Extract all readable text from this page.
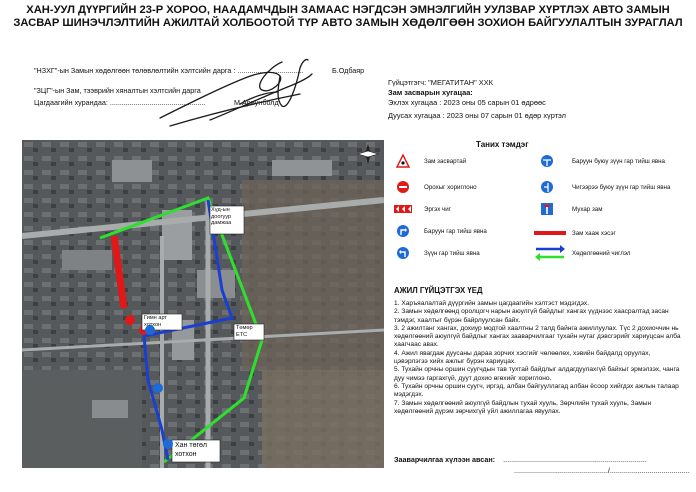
ХАН-УУЛ ДҮҮРГИЙН 23-Р ХОРОО, НААДАМЧДЫН ЗАМААС НЭГДСЭН ЭМНЭЛГИЙН УУЛЗВАР ХҮРТЛЭХ АВТО ЗАМЫН
ЗАСВАР ШИНЭЧЛЭЛТИЙН АЖИЛТАЙ ХОЛБООТОЙ ТҮР АВТО ЗАМЫН ХӨДӨЛГӨӨН ЗОХИОН БАЙГУУЛАЛТЫН ЗУРАГЛАЛ
"НЗХГ"-ын Замын хөдөлгөөн төлөвлөлтийн хэлтсийн дарга : .................................	Б.Одбаяр
"ЗЦГ"-ын Зам, тээврийн хяналтын хэлтсийн дарга
Цагдаагийн хурандаа: ................................................	М.Ариунболд
Гүйцэтгэгч: "МЕГАТИТАН" ХХК
Зам засварын хугацаа:
Эхлэх хугацаа : 2023 оны 05 сарын 01 өдрөөс
Дуусах хугацаа : 2023 оны 07 сарын 01 өдөр хүртэл
Хүд-ын
доогуур
дамжаа
Төмөр
ETC
Гимн арт
хотхон
Хан төгөл
хотхон
Таних тэмдэг
Зам засвартай
Орохыг хориглоно
Эргэх чиг
Баруун гар тийш явна
Зүүн гар тийш явна
Баруун буюу зүүн гар тийш явна
Чигээрээ буюу зүүн гар тийш явна
Мухар зам
Зам хааж хэсэг
Хөдөлгөөний чиглэл
АЖИЛ ГҮЙЦЭТГЭХ ҮЕД

1. Харъяалалтай дүүргийн замын цагдаагийн хэлтэст мэдэгдэх.

2. Замын хөдөлгөөнд оролцогч нарын аюулгүй байдлыг хангах үүднээс хаасралтад засан тэмдэг, хаалтыг бүрэн байрлуулсан байх.

3. 2 ажилтанг хангах, дохиур модтой хаалтны 2 талд байнга ажиллуулах. Түс 2 дохиоччин нь хөдөлгөөний аюулгүй байдлыг хангах зааварчилгааг тухайн нутаг дэвсгэрийг хариуцсан алба хаагчаас авах.

4. Ажил явагдаж дуусаны дараа зорчих хэсгийг чөлөөлөх, хэвийн байдалд оруулах, цэвэрлэгээ хийх ажлыг бүрэн хариуцах.

5. Тухайн орчны оршин суугчдын тав тухтай байдлыг алдагдуулахгүй байхыг эрмэлзэх, чанга дуу чимээ гаргахгүй, дуут дохио өгөхийг хориглоно.

6. Тухайн орчны оршин суугч, иргэд, албан байгууллагад албан ёсоор хийгдэх ажлын талаар мэдэгдэх.

7. Замын хөдөлгөөний аюулгүй байдлын тухай хууль, Зөрчлийн тухай хууль, Замын хөдөлгөөний дүрэм зөрчихгүй үйл ажиллагаа явуулах.

Зааварчилгаа хүлээн авсан: ........................................................................
.............................................../........................................
